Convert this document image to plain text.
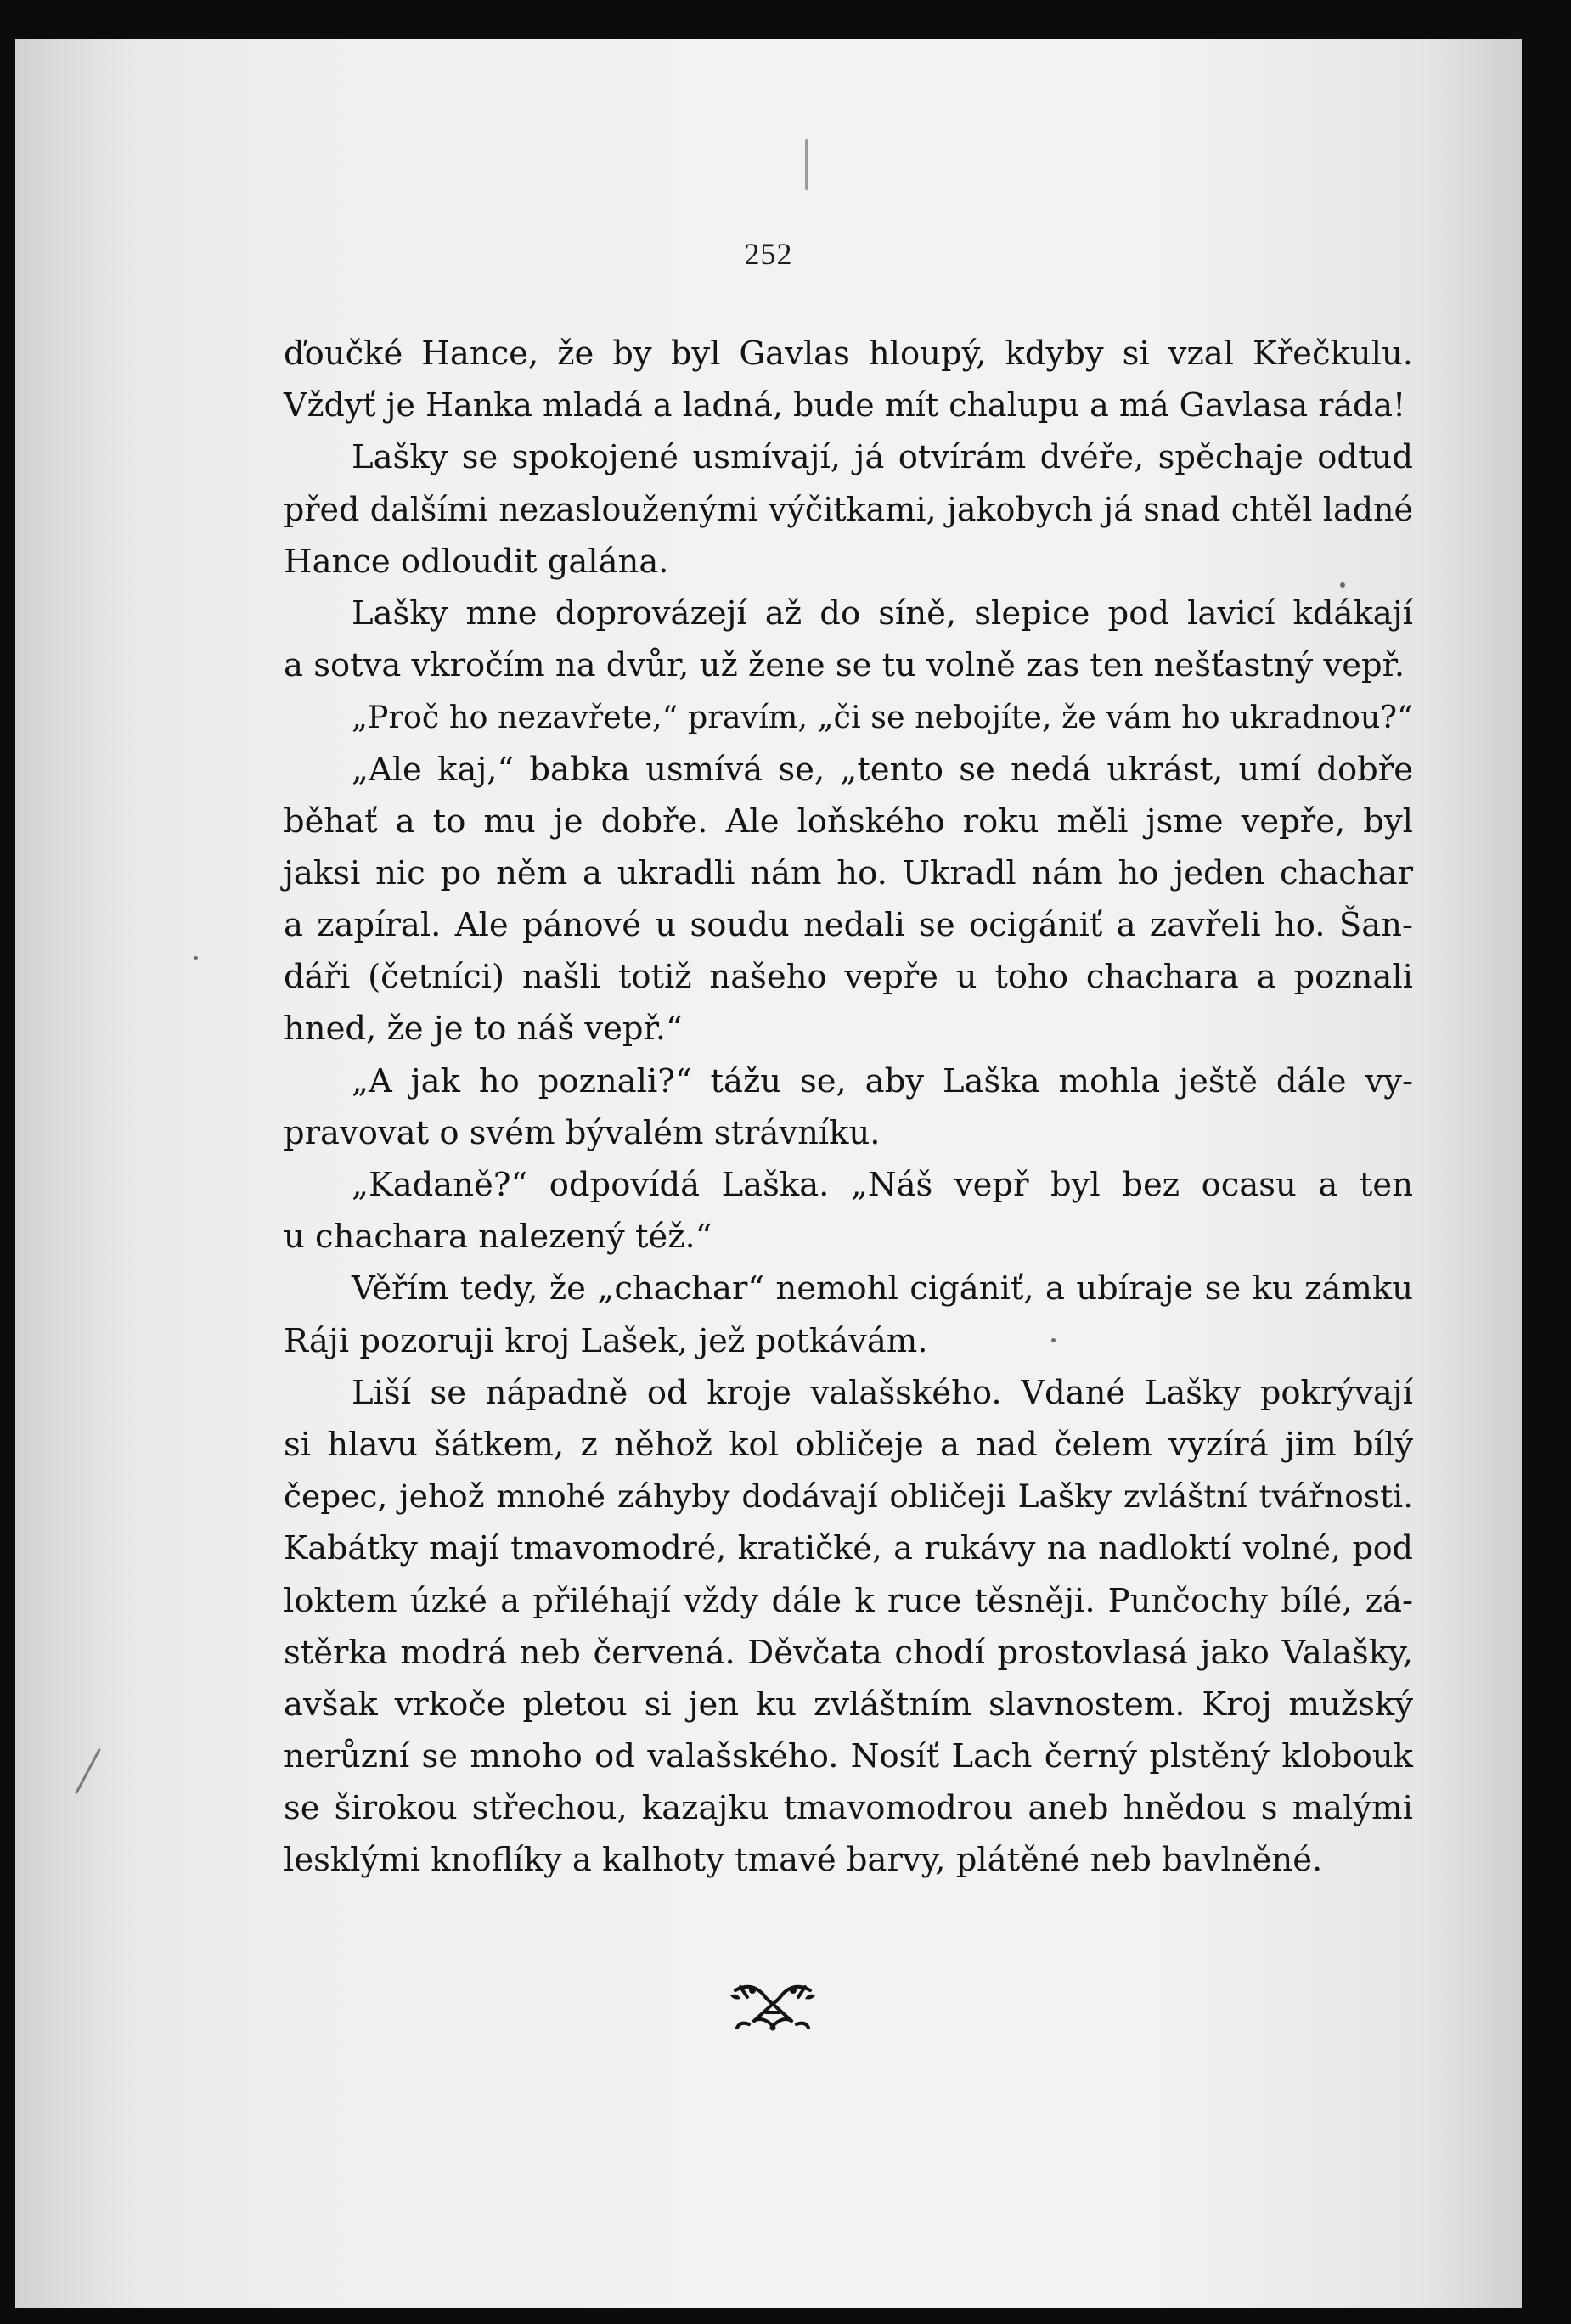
252
ďoučké Hance, že by byl Gavlas hloupý, kdyby si vzal Křečkulu.
Vždyť je Hanka mladá a ladná, bude mít chalupu a má Gavlasa ráda!
Lašky se spokojené usmívají, já otvírám dvéře, spěchaje odtud
před dalšími nezaslouženými výčitkami, jakobych já snad chtěl ladné
Hance odloudit galána.
Lašky mne doprovázejí až do síně, slepice pod lavicí kdákají
a sotva vkročím na dvůr, už žene se tu volně zas ten nešťastný vepř.
„Proč ho nezavřete,“ pravím, „či se nebojíte, že vám ho ukradnou?“
„Ale kaj,“ babka usmívá se, „tento se nedá ukrást, umí dobře
běhať a to mu je dobře. Ale loňského roku měli jsme vepře, byl
jaksi nic po něm a ukradli nám ho. Ukradl nám ho jeden chachar
a zapíral. Ale pánové u soudu nedali se ocigániť a zavřeli ho. Šan-
dáři (četníci) našli totiž našeho vepře u toho chachara a poznali
hned, že je to náš vepř.“
„A jak ho poznali?“ tážu se, aby Laška mohla ještě dále vy-
pravovat o svém bývalém strávníku.
„Kadaně?“ odpovídá Laška. „Náš vepř byl bez ocasu a ten
u chachara nalezený též.“
Věřím tedy, že „chachar“ nemohl cigániť, a ubíraje se ku zámku
Ráji pozoruji kroj Lašek, jež potkávám.
Liší se nápadně od kroje valašského. Vdané Lašky pokrývají
si hlavu šátkem, z něhož kol obličeje a nad čelem vyzírá jim bílý
čepec, jehož mnohé záhyby dodávají obličeji Lašky zvláštní tvářnosti.
Kabátky mají tmavomodré, kratičké, a rukávy na nadloktí volné, pod
loktem úzké a přiléhají vždy dále k ruce těsněji. Punčochy bílé, zá-
stěrka modrá neb červená. Děvčata chodí prostovlasá jako Valašky,
avšak vrkoče pletou si jen ku zvláštním slavnostem. Kroj mužský
nerůzní se mnoho od valašského. Nosíť Lach černý plstěný klobouk
se širokou střechou, kazajku tmavomodrou aneb hnědou s malými
lesklými knoflíky a kalhoty tmavé barvy, plátěné neb bavlněné.
